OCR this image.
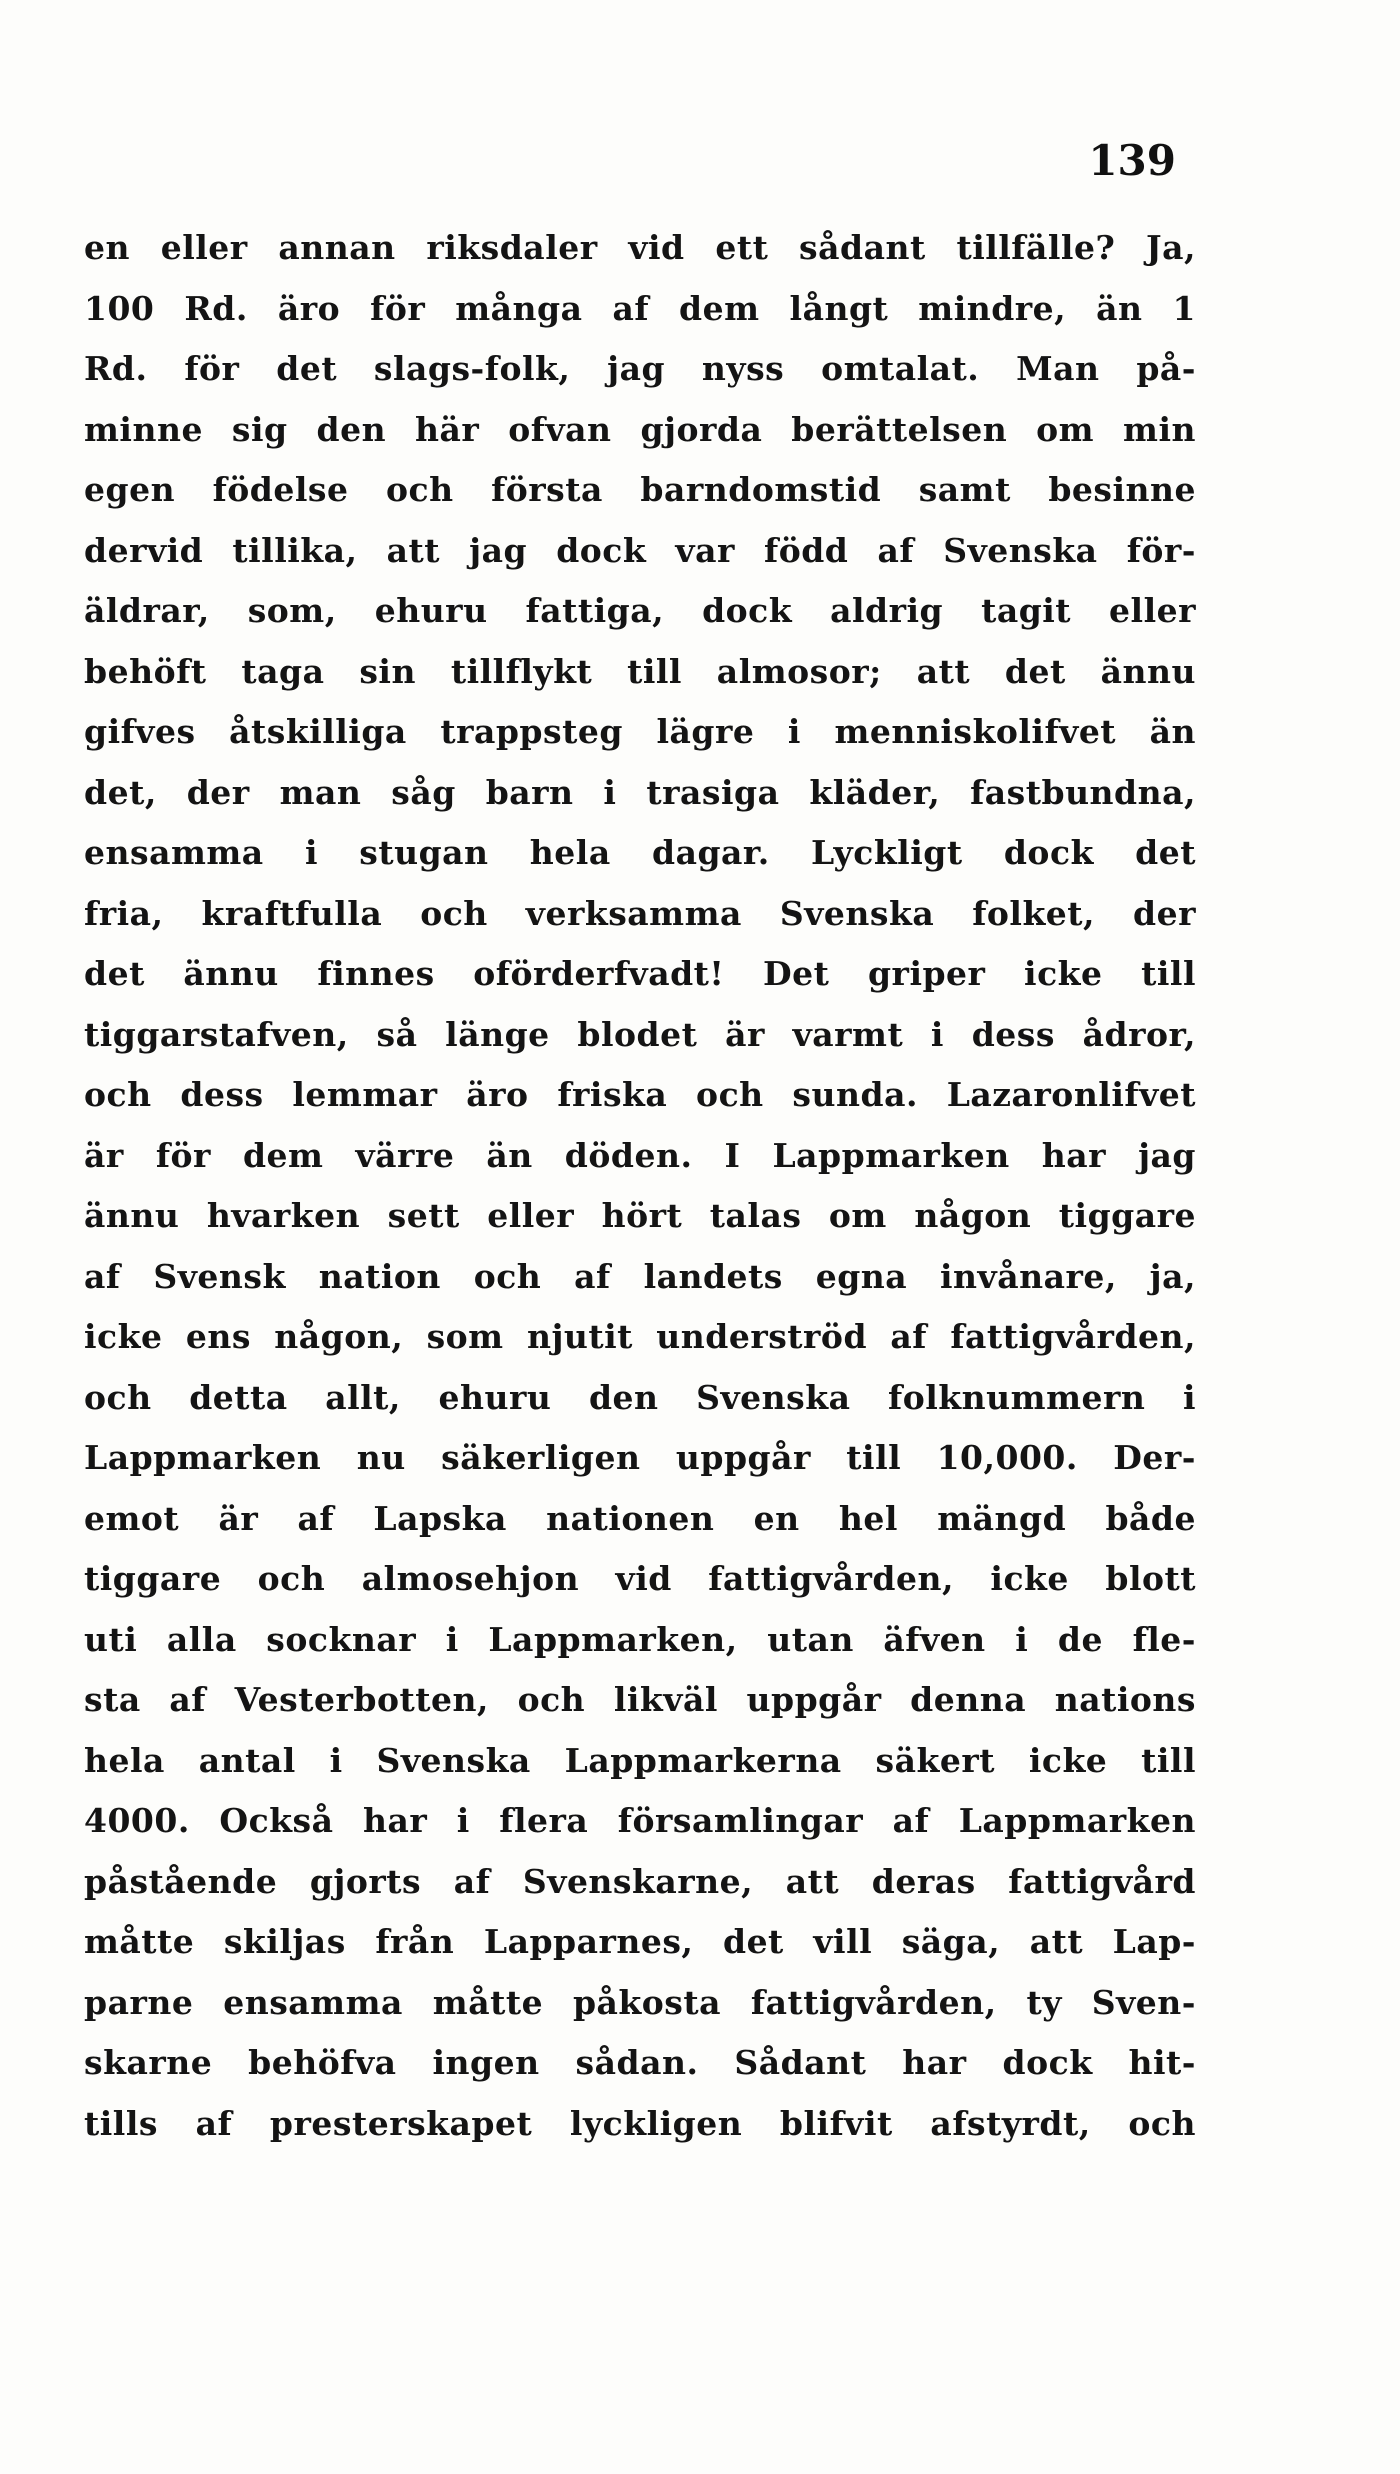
139
en eller annan riksdaler vid ett sådant tillfälle? Ja,
100 Rd. äro för många af dem långt mindre, än 1
Rd. för det slags-folk, jag nyss omtalat. Man på-
minne sig den här ofvan gjorda berättelsen om min
egen födelse och första barndomstid samt besinne
dervid tillika, att jag dock var född af Svenska för-
äldrar, som, ehuru fattiga, dock aldrig tagit eller
behöft taga sin tillflykt till almosor; att det ännu
gifves åtskilliga trappsteg lägre i menniskolifvet än
det, der man såg barn i trasiga kläder, fastbundna,
ensamma i stugan hela dagar. Lyckligt dock det
fria, kraftfulla och verksamma Svenska folket, der
det ännu finnes oförderfvadt! Det griper icke till
tiggarstafven, så länge blodet är varmt i dess ådror,
och dess lemmar äro friska och sunda. Lazaronlifvet
är för dem värre än döden. I Lappmarken har jag
ännu hvarken sett eller hört talas om någon tiggare
af Svensk nation och af landets egna invånare, ja,
icke ens någon, som njutit underströd af fattigvården,
och detta allt, ehuru den Svenska folknummern i
Lappmarken nu säkerligen uppgår till 10,000. Der-
emot är af Lapska nationen en hel mängd både
tiggare och almosehjon vid fattigvården, icke blott
uti alla socknar i Lappmarken, utan äfven i de fle-
sta af Vesterbotten, och likväl uppgår denna nations
hela antal i Svenska Lappmarkerna säkert icke till
4000. Också har i flera församlingar af Lappmarken
påstående gjorts af Svenskarne, att deras fattigvård
måtte skiljas från Lapparnes, det vill säga, att Lap-
parne ensamma måtte påkosta fattigvården, ty Sven-
skarne behöfva ingen sådan. Sådant har dock hit-
tills af presterskapet lyckligen blifvit afstyrdt, och
